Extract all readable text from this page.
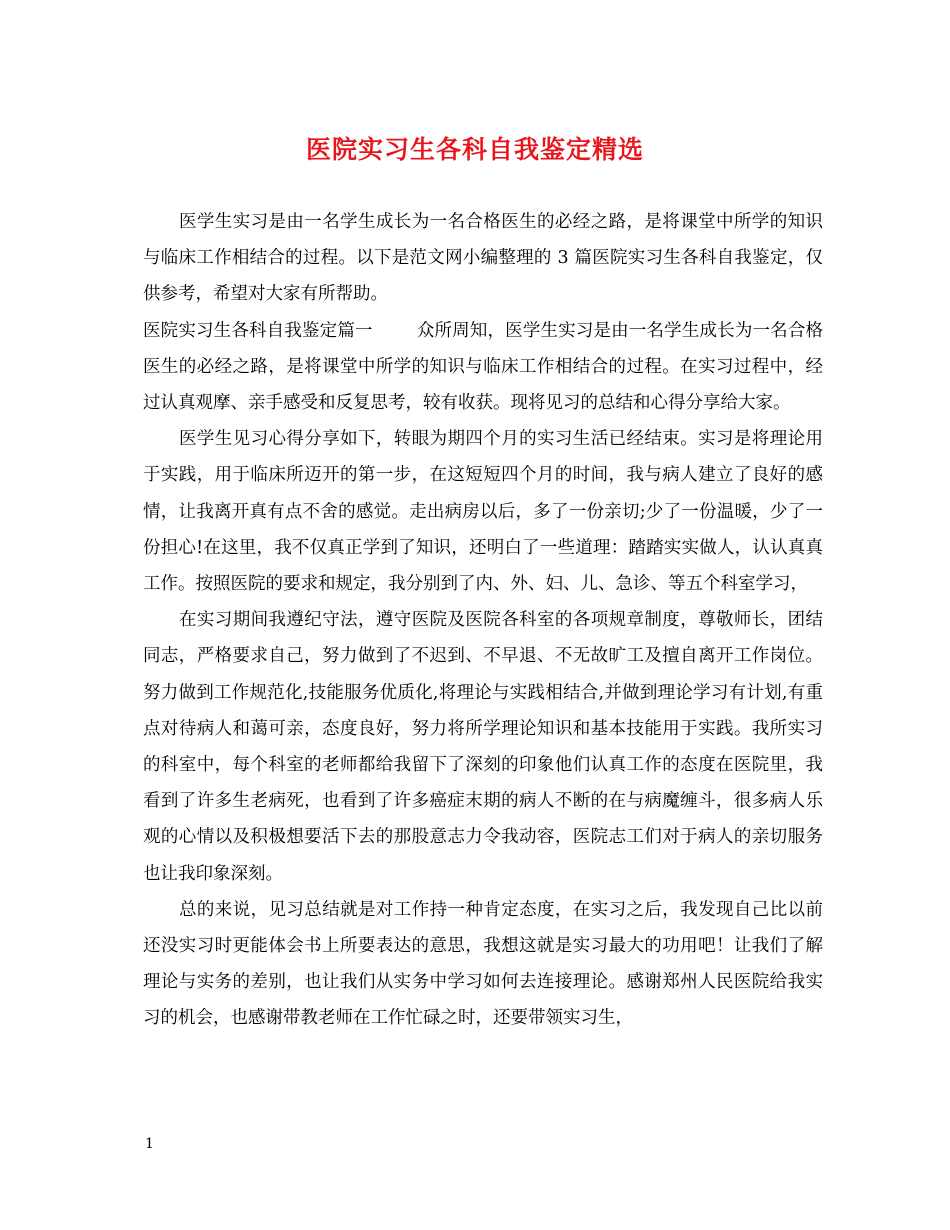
医院实习生各科自我鉴定精选

医学生实习是由一名学生成长为一名合格医生的必经之路，是将课堂中所学的知识与临床工作相结合的过程。以下是范文网小编整理的 3 篇医院实习生各科自我鉴定，仅供参考，希望对大家有所帮助。

医院实习生各科自我鉴定篇一	众所周知，医学生实习是由一名学生成长为一名合格医生的必经之路，是将课堂中所学的知识与临床工作相结合的过程。在实习过程中，经过认真观摩、亲手感受和反复思考，较有收获。现将见习的总结和心得分享给大家。

医学生见习心得分享如下，转眼为期四个月的实习生活已经结束。实习是将理论用于实践，用于临床所迈开的第一步，在这短短四个月的时间，我与病人建立了良好的感情，让我离开真有点不舍的感觉。走出病房以后，多了一份亲切;少了一份温暖，少了一份担心!在这里，我不仅真正学到了知识，还明白了一些道理：踏踏实实做人，认认真真工作。按照医院的要求和规定，我分别到了内、外、妇、儿、急诊、等五个科室学习，

在实习期间我遵纪守法，遵守医院及医院各科室的各项规章制度，尊敬师长，团结同志，严格要求自己，努力做到了不迟到、不早退、不无故旷工及擅自离开工作岗位。努力做到工作规范化,技能服务优质化,将理论与实践相结合,并做到理论学习有计划,有重点对待病人和蔼可亲，态度良好，努力将所学理论知识和基本技能用于实践。我所实习的科室中，每个科室的老师都给我留下了深刻的印象他们认真工作的态度在医院里，我看到了许多生老病死，也看到了许多癌症末期的病人不断的在与病魔缠斗，很多病人乐观的心情以及积极想要活下去的那股意志力令我动容，医院志工们对于病人的亲切服务也让我印象深刻。

总的来说，见习总结就是对工作持一种肯定态度，在实习之后，我发现自己比以前还没实习时更能体会书上所要表达的意思，我想这就是实习最大的功用吧！让我们了解理论与实务的差别，也让我们从实务中学习如何去连接理论。感谢郑州人民医院给我实习的机会，也感谢带教老师在工作忙碌之时，还要带领实习生，

1
